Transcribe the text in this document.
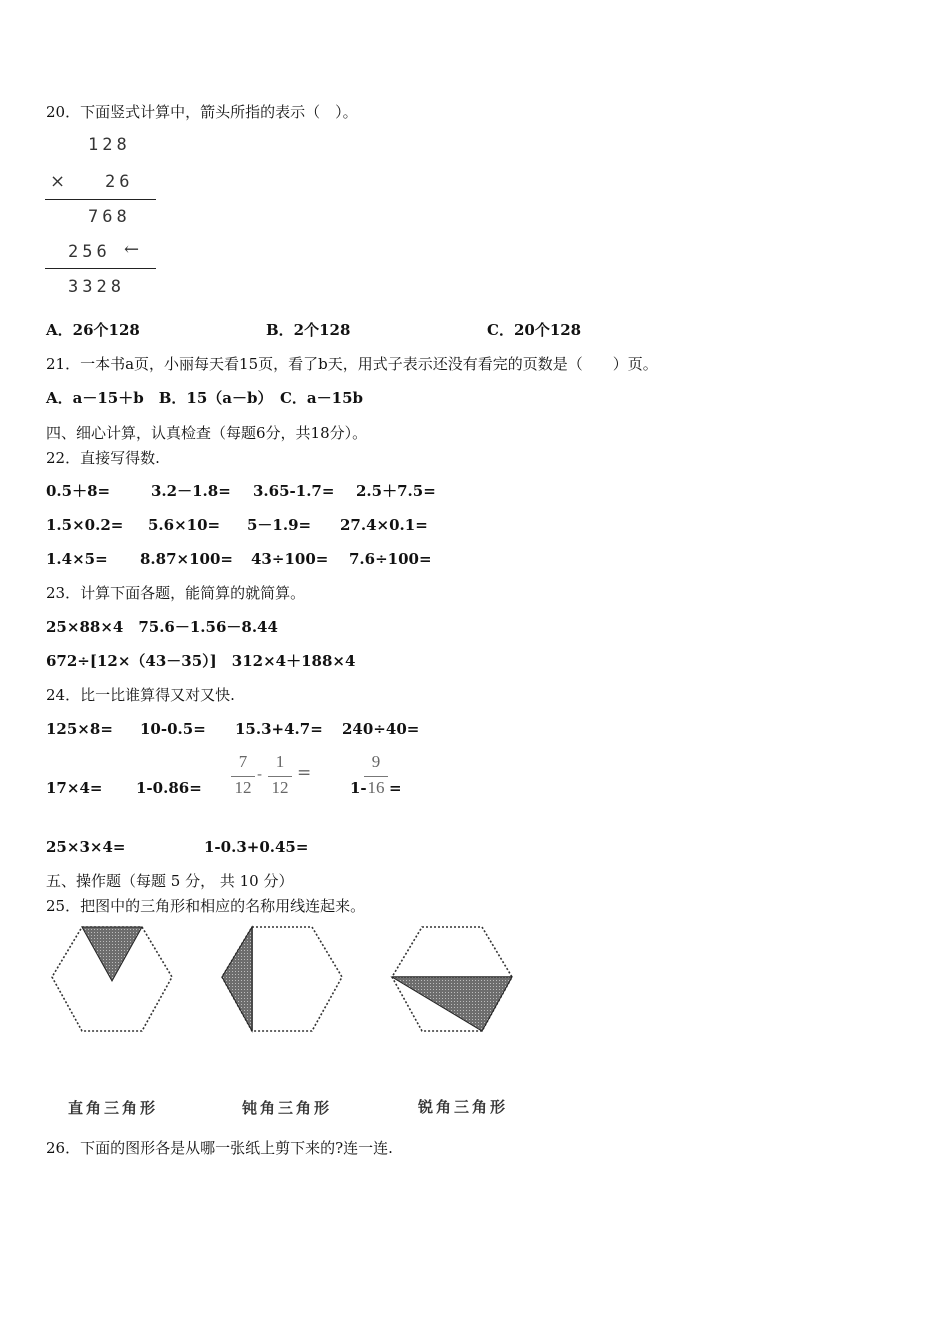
20．下面竖式计算中，箭头所指的表示（　）。
128
× 26
768
256 ←
3328
A．26个128	B．2个128	C．20个128
21．一本书a页，小丽每天看15页，看了b天，用式子表示还没有看完的页数是（　　）页。
A．a－15＋b　B．15（a－b）　C．a－15b
四、细心计算，认真检查（每题6分，共18分）。
22．直接写得数.
0.5＋8=	3.2－1.8= 3.65-1.7= 2.5＋7.5=
1.5×0.2= 5.6×10= 5－1.9= 27.4×0.1=
1.4×5= 8.87×100= 43÷100= 7.6÷100=
23．计算下面各题，能简算的就简算。
25×88×4　75.6－1.56－8.44
672÷[12×（43－35）]　312×4＋188×4
24．比一比谁算得又对又快.
125×8= 10-0.5= 15.3+4.7= 240÷40=
17×4= 1-0.86=
7
12
-
1
12
=
1-
9
16 =
25×3×4=	1-0.3+0.45=
五、操作题（每题 5 分， 共 10 分）
25．把图中的三角形和相应的名称用线连起来。
直角三角形	钝角三角形	锐角三角形
26．下面的图形各是从哪一张纸上剪下来的?连一连.
